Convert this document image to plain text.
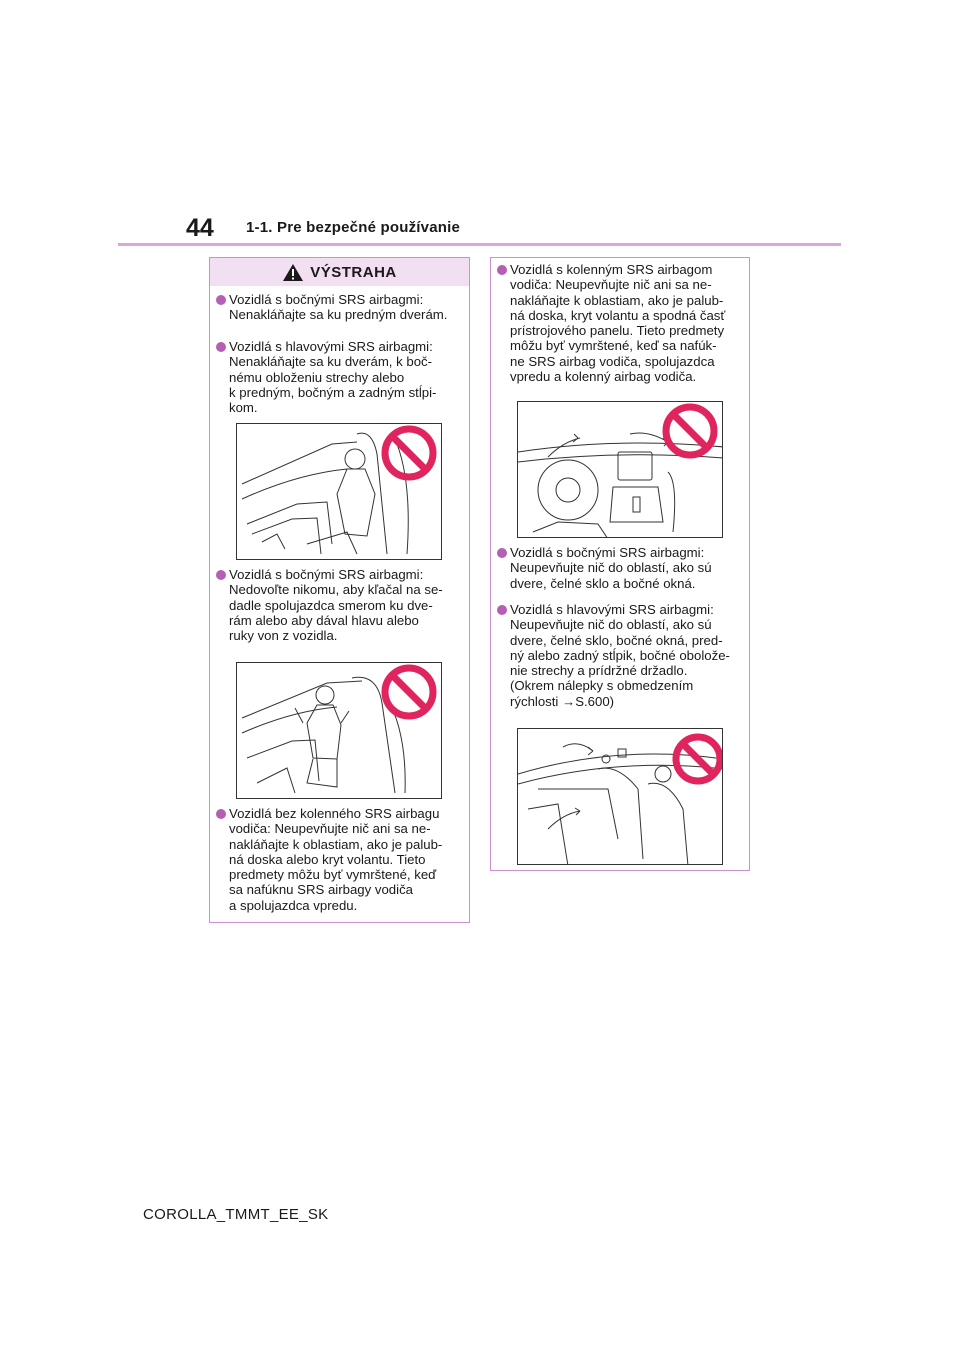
44 1-1. Pre bezpečné používanie
VÝSTRAHA
Vozidlá s bočnými SRS airbagmi:
Nenakláňajte sa ku predným dverám.
Vozidlá s hlavovými SRS airbagmi:
Nenakláňajte sa ku dverám, k boč-
nému obloženiu strechy alebo
k predným, bočným a zadným stĺpi-
kom.
Vozidlá s bočnými SRS airbagmi:
Nedovoľte nikomu, aby kľačal na se-
dadle spolujazdca smerom ku dve-
rám alebo aby dával hlavu alebo
ruky von z vozidla.
Vozidlá bez kolenného SRS airbagu
vodiča: Neupevňujte nič ani sa ne-
nakláňajte k oblastiam, ako je palub-
ná doska alebo kryt volantu. Tieto
predmety môžu byť vymrštené, keď
sa nafúknu SRS airbagy vodiča
a spolujazdca vpredu.
Vozidlá s kolenným SRS airbagom
vodiča: Neupevňujte nič ani sa ne-
nakláňajte k oblastiam, ako je palub-
ná doska, kryt volantu a spodná časť
prístrojového panelu. Tieto predmety
môžu byť vymrštené, keď sa nafúk-
ne SRS airbag vodiča, spolujazdca
vpredu a kolenný airbag vodiča.
Vozidlá s bočnými SRS airbagmi:
Neupevňujte nič do oblastí, ako sú
dvere, čelné sklo a bočné okná.
Vozidlá s hlavovými SRS airbagmi:
Neupevňujte nič do oblastí, ako sú
dvere, čelné sklo, bočné okná, pred-
ný alebo zadný stĺpik, bočné obolože-
nie strechy a prídržné držadlo.
(Okrem nálepky s obmedzením
rýchlosti →S.600)
COROLLA_TMMT_EE_SK
